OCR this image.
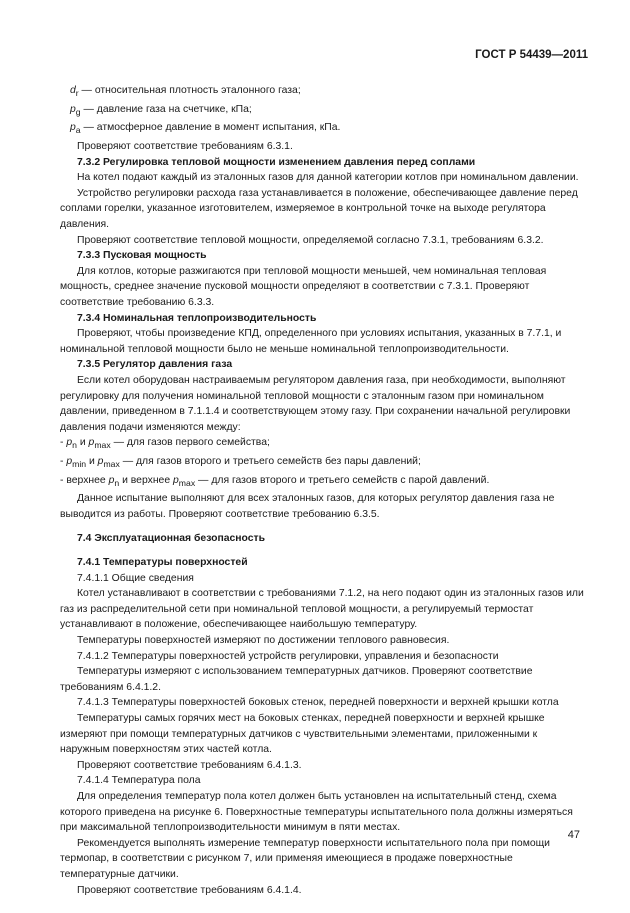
ГОСТ Р 54439—2011

$d_r$ — относительная плотность эталонного газа;

$p_g$ — давление газа на счетчике, кПа;

$p_a$ — атмосферное давление в момент испытания, кПа.

Проверяют соответствие требованиям 6.3.1.

7.3.2 Регулировка тепловой мощности изменением давления перед соплами

На котел подают каждый из эталонных газов для данной категории котлов при номинальном давлении.

Устройство регулировки расхода газа устанавливается в положение, обеспечивающее давление перед соплами горелки, указанное изготовителем, измеряемое в контрольной точке на выходе регулятора давления.

Проверяют соответствие тепловой мощности, определяемой согласно 7.3.1, требованиям 6.3.2.

7.3.3 Пусковая мощность

Для котлов, которые разжигаются при тепловой мощности меньшей, чем номинальная тепловая мощность, среднее значение пусковой мощности определяют в соответствии с 7.3.1. Проверяют соответствие требованию 6.3.3.

7.3.4 Номинальная теплопроизводительность

Проверяют, чтобы произведение КПД, определенного при условиях испытания, указанных в 7.7.1, и номинальной тепловой мощности было не меньше номинальной теплопроизводительности.

7.3.5 Регулятор давления газа

Если котел оборудован настраиваемым регулятором давления газа, при необходимости, выполняют регулировку для получения номинальной тепловой мощности с эталонным газом при номинальном давлении, приведенном в 7.1.1.4 и соответствующем этому газу. При сохранении начальной регулировки давления подачи изменяются между:

- $p_n$ и $p_{max}$ — для газов первого семейства;

- $p_{min}$ и $p_{max}$ — для газов второго и третьего семейств без пары давлений;

- верхнее $p_n$ и верхнее $p_{max}$ — для газов второго и третьего семейств с парой давлений.

Данное испытание выполняют для всех эталонных газов, для которых регулятор давления газа не выводится из работы. Проверяют соответствие требованию 6.3.5.

7.4 Эксплуатационная безопасность

7.4.1 Температуры поверхностей

7.4.1.1 Общие сведения

Котел устанавливают в соответствии с требованиями 7.1.2, на него подают один из эталонных газов или газ из распределительной сети при номинальной тепловой мощности, а регулируемый термостат устанавливают в положение, обеспечивающее наибольшую температуру.

Температуры поверхностей измеряют по достижении теплового равновесия.

7.4.1.2 Температуры поверхностей устройств регулировки, управления и безопасности

Температуры измеряют с использованием температурных датчиков. Проверяют соответствие требованиям 6.4.1.2.

7.4.1.3 Температуры поверхностей боковых стенок, передней поверхности и верхней крышки котла

Температуры самых горячих мест на боковых стенках, передней поверхности и верхней крышке измеряют при помощи температурных датчиков с чувствительными элементами, приложенными к наружным поверхностям этих частей котла.

Проверяют соответствие требованиям 6.4.1.3.

7.4.1.4 Температура пола

Для определения температур пола котел должен быть установлен на испытательный стенд, схема которого приведена на рисунке 6. Поверхностные температуры испытательного пола должны измеряться при максимальной теплопроизводительности минимум в пяти местах.

Рекомендуется выполнять измерение температур поверхности испытательного пола при помощи термопар, в соответствии с рисунком 7, или применяя имеющиеся в продаже поверхностные температурные датчики.

Проверяют соответствие требованиям 6.4.1.4.

47
